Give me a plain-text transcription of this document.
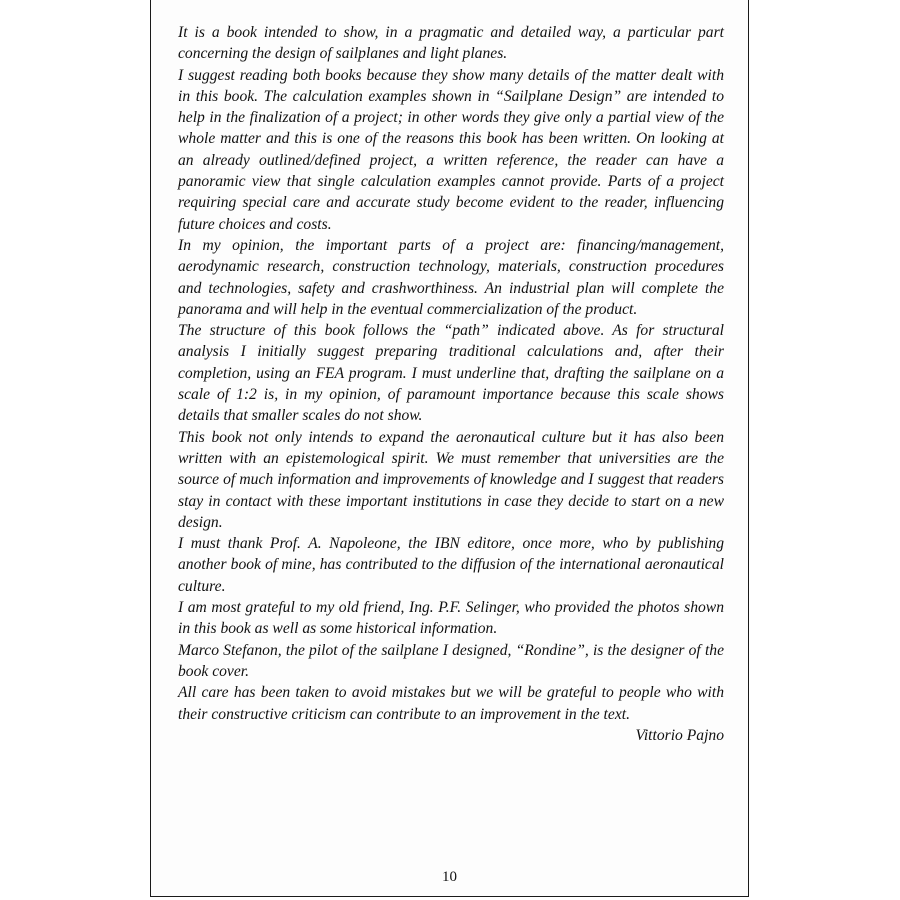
It is a book intended to show, in a pragmatic and detailed way, a particular part concerning the design of sailplanes and light planes.

I suggest reading both books because they show many details of the matter dealt with in this book. The calculation examples shown in “Sailplane Design” are intended to help in the finalization of a project; in other words they give only a partial view of the whole matter and this is one of the reasons this book has been written. On looking at an already outlined/defined project, a written reference, the reader can have a panoramic view that single calculation examples cannot provide. Parts of a project requiring special care and accurate study become evident to the reader, influencing future choices and costs.

In my opinion, the important parts of a project are: financing/management, aerodynamic research, construction technology, materials, construction procedures and technologies, safety and crashworthiness. An industrial plan will complete the panorama and will help in the eventual commercialization of the product.

The structure of this book follows the “path” indicated above. As for structural analysis I initially suggest preparing traditional calculations and, after their completion, using an FEA program. I must underline that, drafting the sailplane on a scale of 1:2 is, in my opinion, of paramount importance because this scale shows details that smaller scales do not show.

This book not only intends to expand the aeronautical culture but it has also been written with an epistemological spirit. We must remember that universities are the source of much information and improvements of knowledge and I suggest that readers stay in contact with these important institutions in case they decide to start on a new design.

I must thank Prof. A. Napoleone, the IBN editore, once more, who by publishing another book of mine, has contributed to the diffusion of the international aeronautical culture.

I am most grateful to my old friend, Ing. P.F. Selinger, who provided the photos shown in this book as well as some historical information.

Marco Stefanon, the pilot of the sailplane I designed, “Rondine”, is the designer of the book cover.

All care has been taken to avoid mistakes but we will be grateful to people who with their constructive criticism can contribute to an improvement in the text.

Vittorio Pajno

10
